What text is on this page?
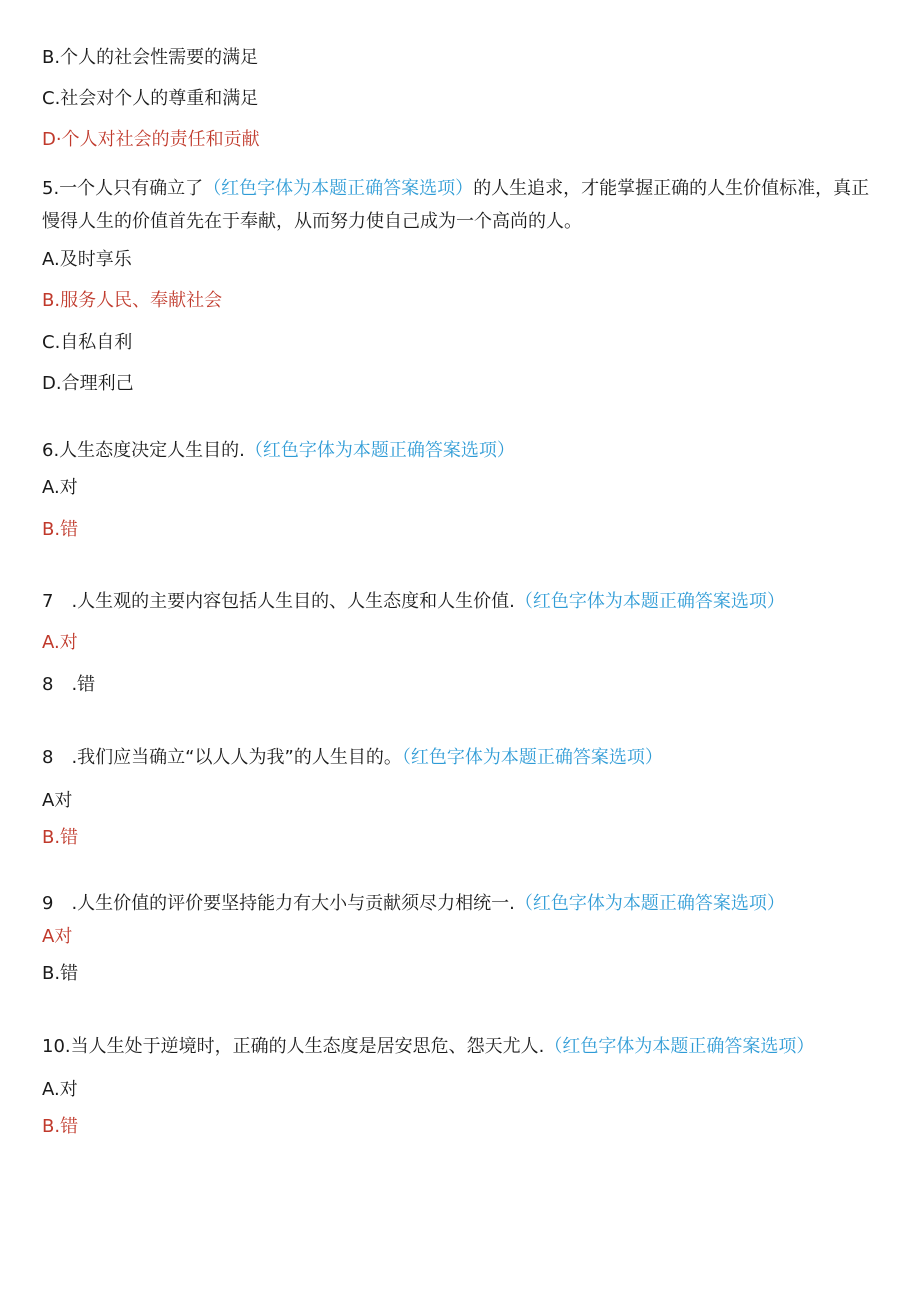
B.个人的社会性需要的满足
C.社会对个人的尊重和满足
D·个人对社会的责任和贡献
5.一个人只有确立了（红色字体为本题正确答案选项）的人生追求，才能掌握正确的人生价值标准，真正慢得人生的价值首先在于奉献，从而努力使自己成为一个高尚的人。
A.及时享乐
B.服务人民、奉献社会
C.自私自利
D.合理利己
6.人生态度决定人生目的.（红色字体为本题正确答案选项）
A.对
B.错
7　.人生观的主要内容包括人生目的、人生态度和人生价值.（红色字体为本题正确答案选项）
A.对
8　.错
8　.我们应当确立“以人人为我”的人生目的。（红色字体为本题正确答案选项）
A对
B.错
9　.人生价值的评价要坚持能力有大小与贡献须尽力相统一.（红色字体为本题正确答案选项）
A对
B.错
10.当人生处于逆境时，正确的人生态度是居安思危、怨天尤人.（红色字体为本题正确答案选项）
A.对
B.错
